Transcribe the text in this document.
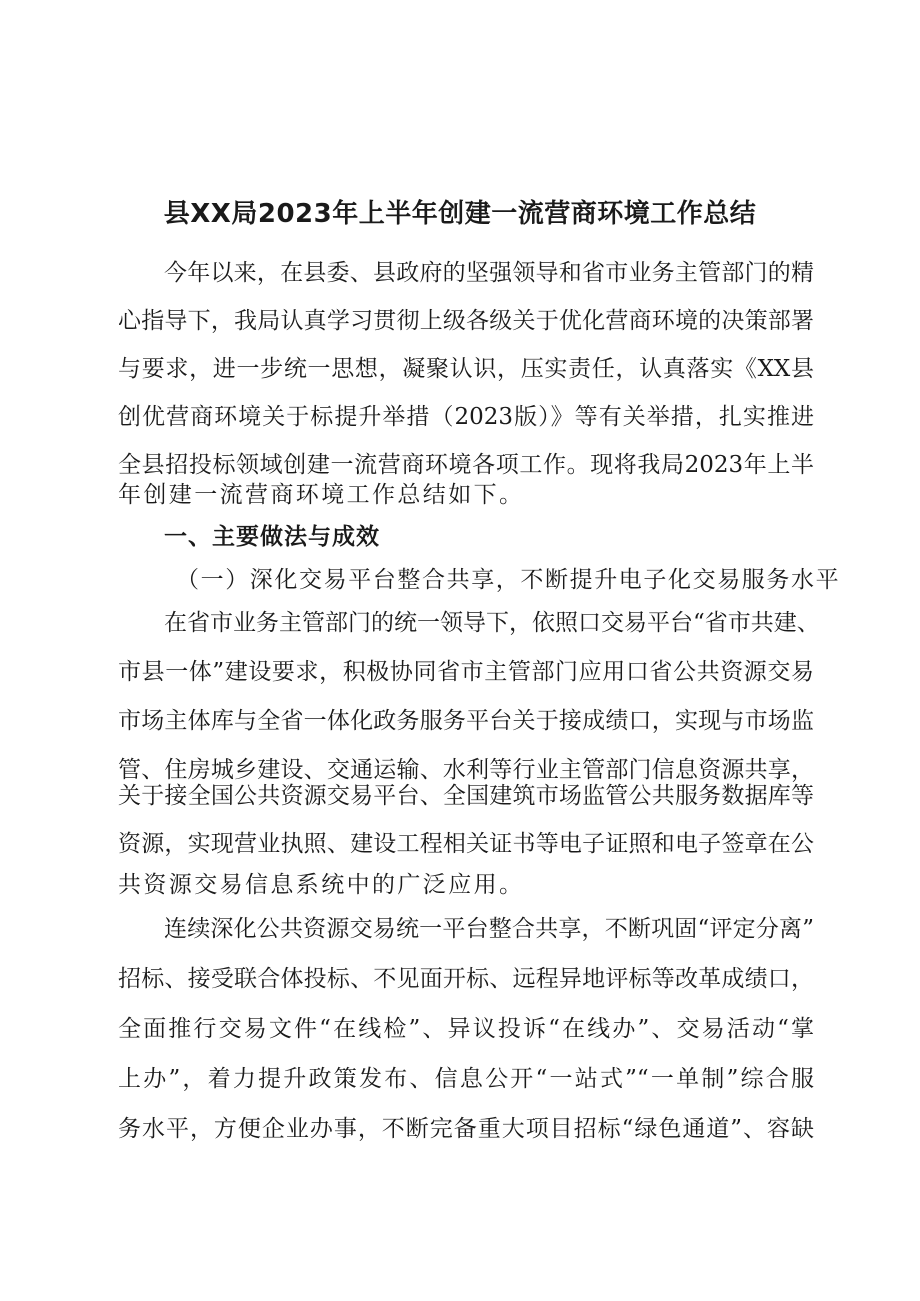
县XX局2023年上半年创建一流营商环境工作总结
今年以来，在县委、县政府的坚强领导和省市业务主管部门的精
心指导下，我局认真学习贯彻上级各级关于优化营商环境的决策部署
与要求，进一步统一思想，凝聚认识，压实责任，认真落实《XX县
创优营商环境关于标提升举措（2023版）》等有关举措，扎实推进
全县招投标领域创建一流营商环境各项工作。现将我局2023年上半
年创建一流营商环境工作总结如下。
一、主要做法与成效
（一）深化交易平台整合共享，不断提升电子化交易服务水平
在省市业务主管部门的统一领导下，依照口交易平台“省市共建、
市县一体”建设要求，积极协同省市主管部门应用口省公共资源交易
市场主体库与全省一体化政务服务平台关于接成绩口，实现与市场监
管、住房城乡建设、交通运输、水利等行业主管部门信息资源共享，
关于接全国公共资源交易平台、全国建筑市场监管公共服务数据库等
资源，实现营业执照、建设工程相关证书等电子证照和电子签章在公
共资源交易信息系统中的广泛应用。
连续深化公共资源交易统一平台整合共享，不断巩固“评定分离”
招标、接受联合体投标、不见面开标、远程异地评标等改革成绩口，
全面推行交易文件“在线检”、异议投诉“在线办”、交易活动“掌
上办”，着力提升政策发布、信息公开“一站式”“一单制”综合服
务水平，方便企业办事，不断完备重大项目招标“绿色通道”、容缺
